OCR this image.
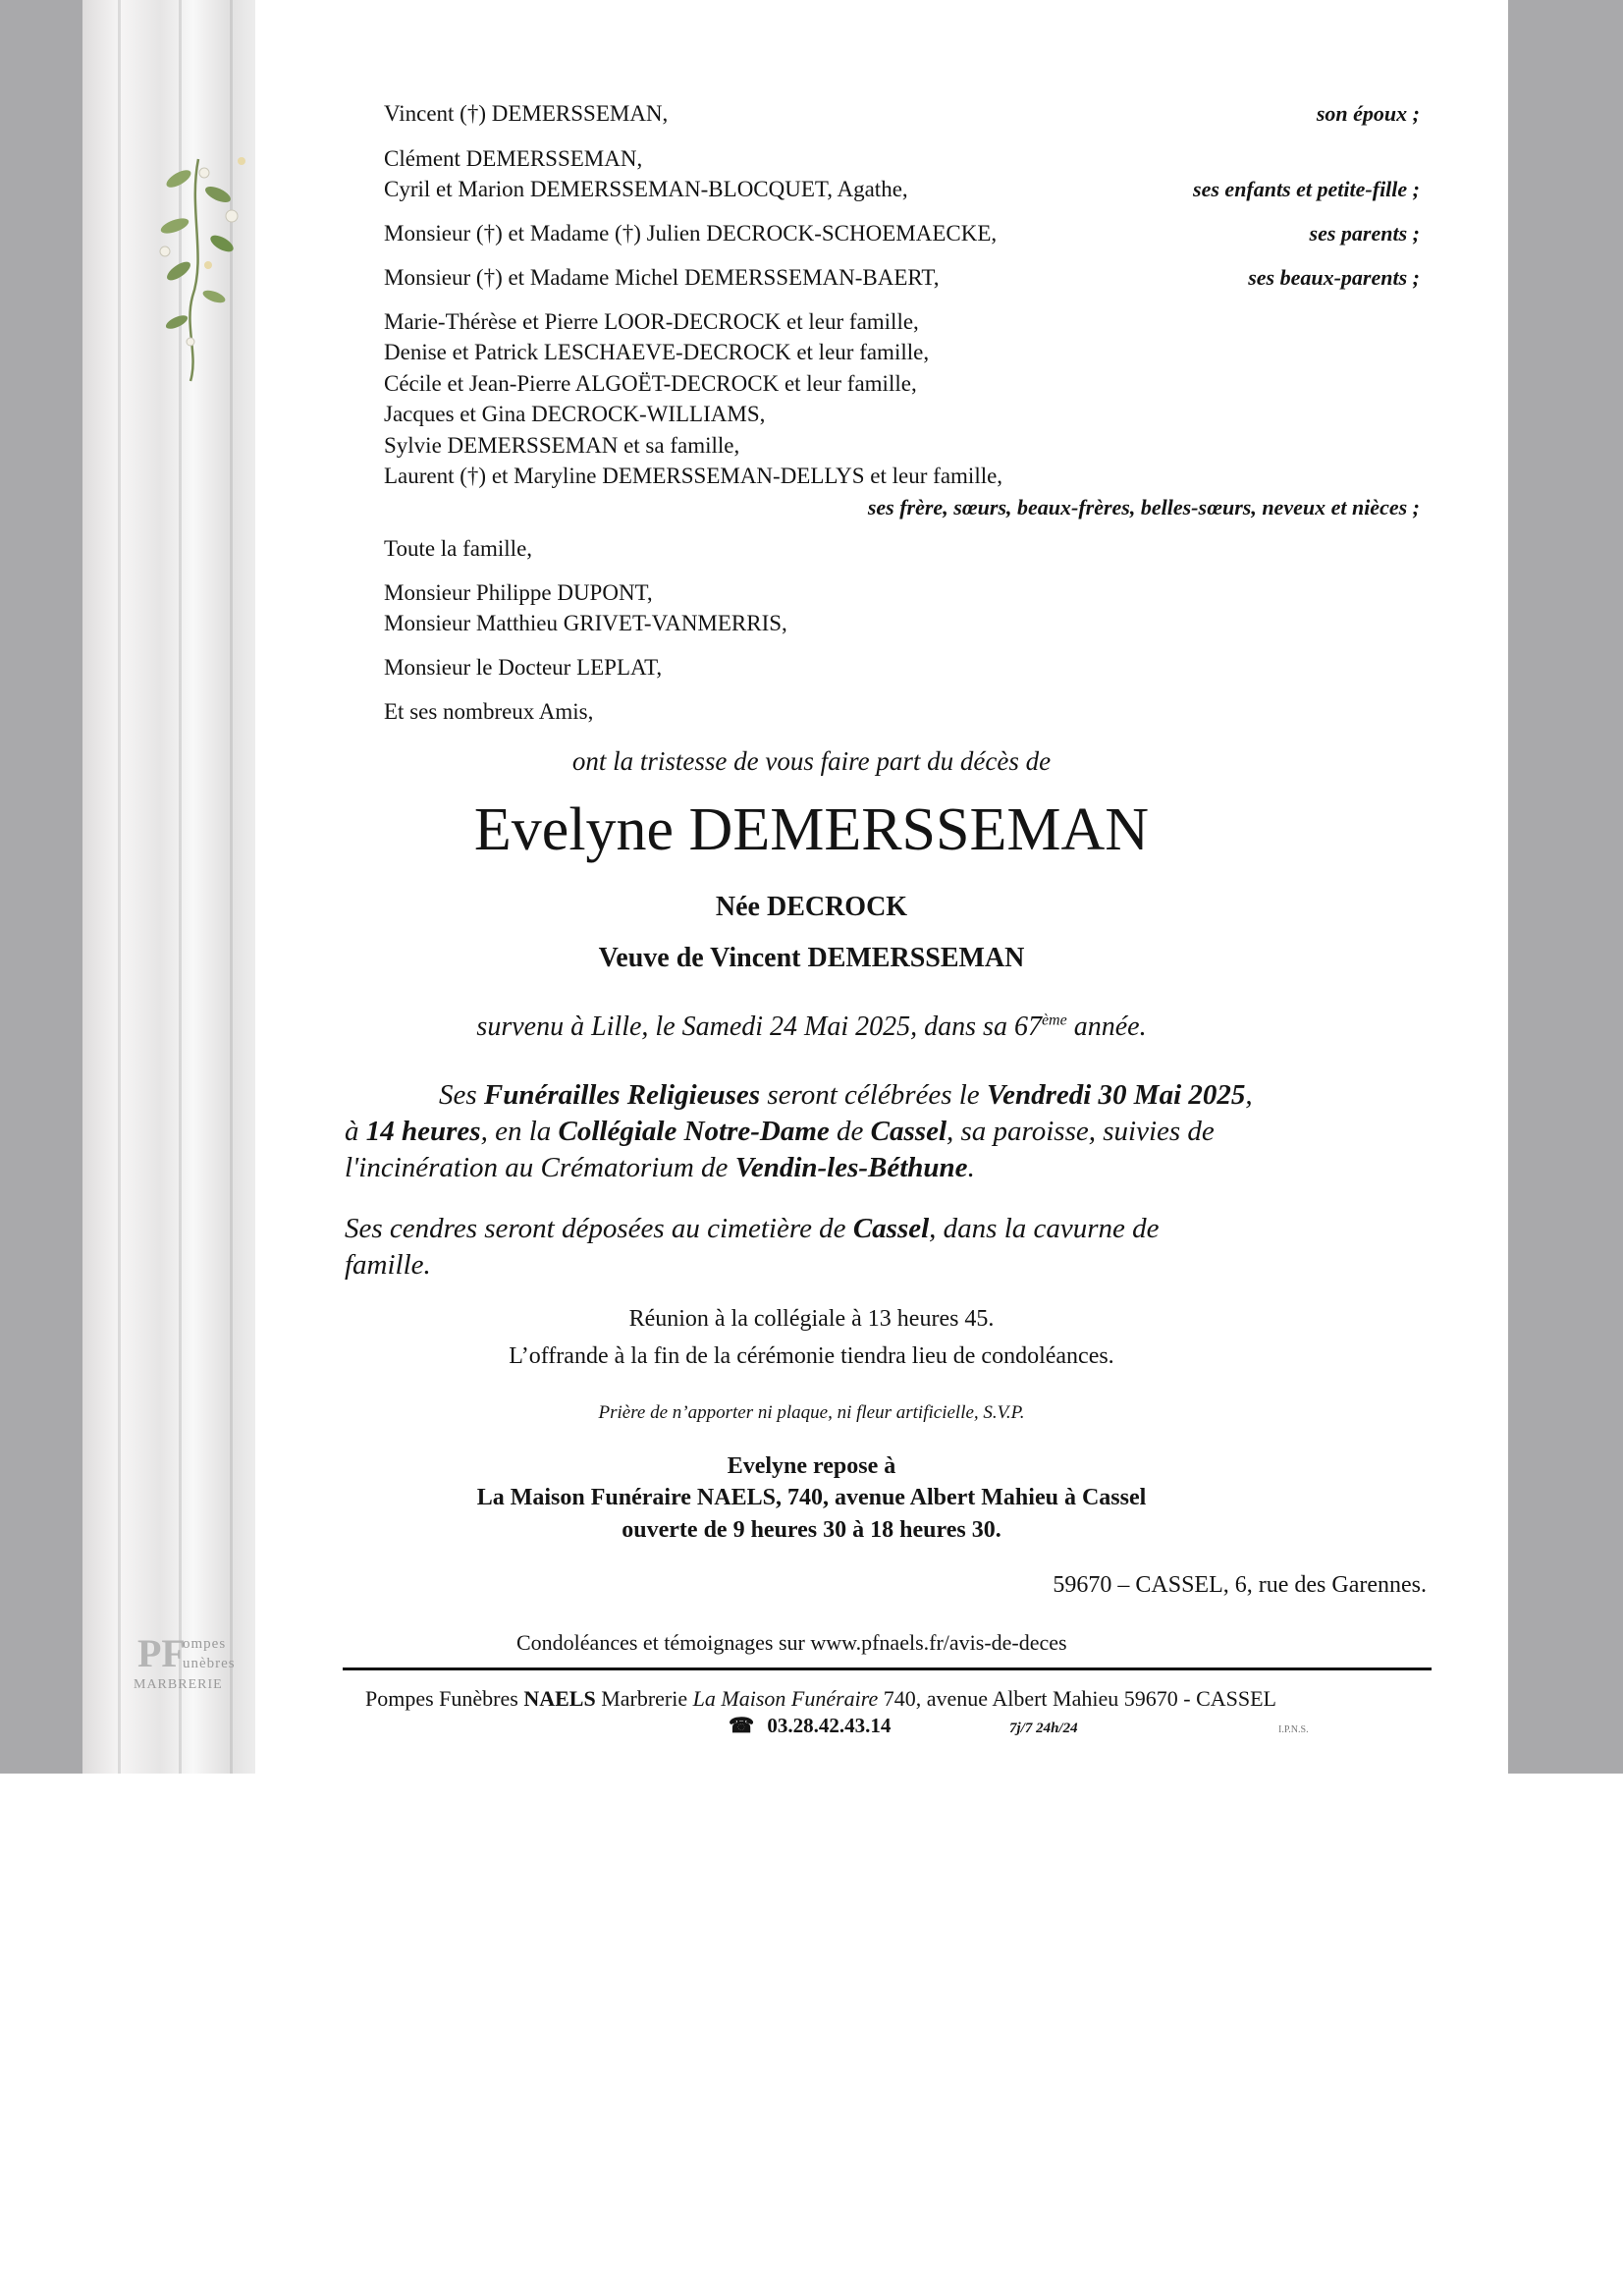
PF
ompes
unèbres
MARBRERIE
Vincent (†) DEMERSSEMAN,	son époux ;
Clément DEMERSSEMAN,
Cyril et Marion DEMERSSEMAN-BLOCQUET, Agathe,	ses enfants et petite-fille ;
Monsieur (†) et Madame (†) Julien DECROCK-SCHOEMAECKE,	ses parents ;
Monsieur (†) et Madame Michel DEMERSSEMAN-BAERT,	ses beaux-parents ;
Marie-Thérèse et Pierre LOOR-DECROCK et leur famille,
Denise et Patrick LESCHAEVE-DECROCK et leur famille,
Cécile et Jean-Pierre ALGOËT-DECROCK et leur famille,
Jacques et Gina DECROCK-WILLIAMS,
Sylvie DEMERSSEMAN et sa famille,
Laurent (†) et Maryline DEMERSSEMAN-DELLYS et leur famille,
ses frère, sœurs, beaux-frères, belles-sœurs, neveux et nièces ;
Toute la famille,
Monsieur Philippe DUPONT,
Monsieur Matthieu GRIVET-VANMERRIS,
Monsieur le Docteur LEPLAT,
Et ses nombreux Amis,
ont la tristesse de vous faire part du décès de
Evelyne DEMERSSEMAN
Née DECROCK
Veuve de Vincent DEMERSSEMAN
survenu à Lille, le Samedi 24 Mai 2025, dans sa 67ème année.
Ses Funérailles Religieuses seront célébrées le Vendredi 30 Mai 2025,
à 14 heures, en la Collégiale Notre-Dame de Cassel, sa paroisse, suivies de
l'incinération au Crématorium de Vendin-les-Béthune.
Ses cendres seront déposées au cimetière de Cassel, dans la cavurne de
famille.
Réunion à la collégiale à 13 heures 45.
L’offrande à la fin de la cérémonie tiendra lieu de condoléances.
Prière de n’apporter ni plaque, ni fleur artificielle, S.V.P.
Evelyne repose à
La Maison Funéraire NAELS, 740, avenue Albert Mahieu à Cassel
ouverte de 9 heures 30 à 18 heures 30.
59670 – CASSEL, 6, rue des Garennes.
Condoléances et témoignages sur www.pfnaels.fr/avis-de-deces
Pompes Funèbres NAELS Marbrerie La Maison Funéraire 740, avenue Albert Mahieu 59670 - CASSEL
☎ 03.28.42.43.14	7j/7 24h/24	I.P.N.S.
